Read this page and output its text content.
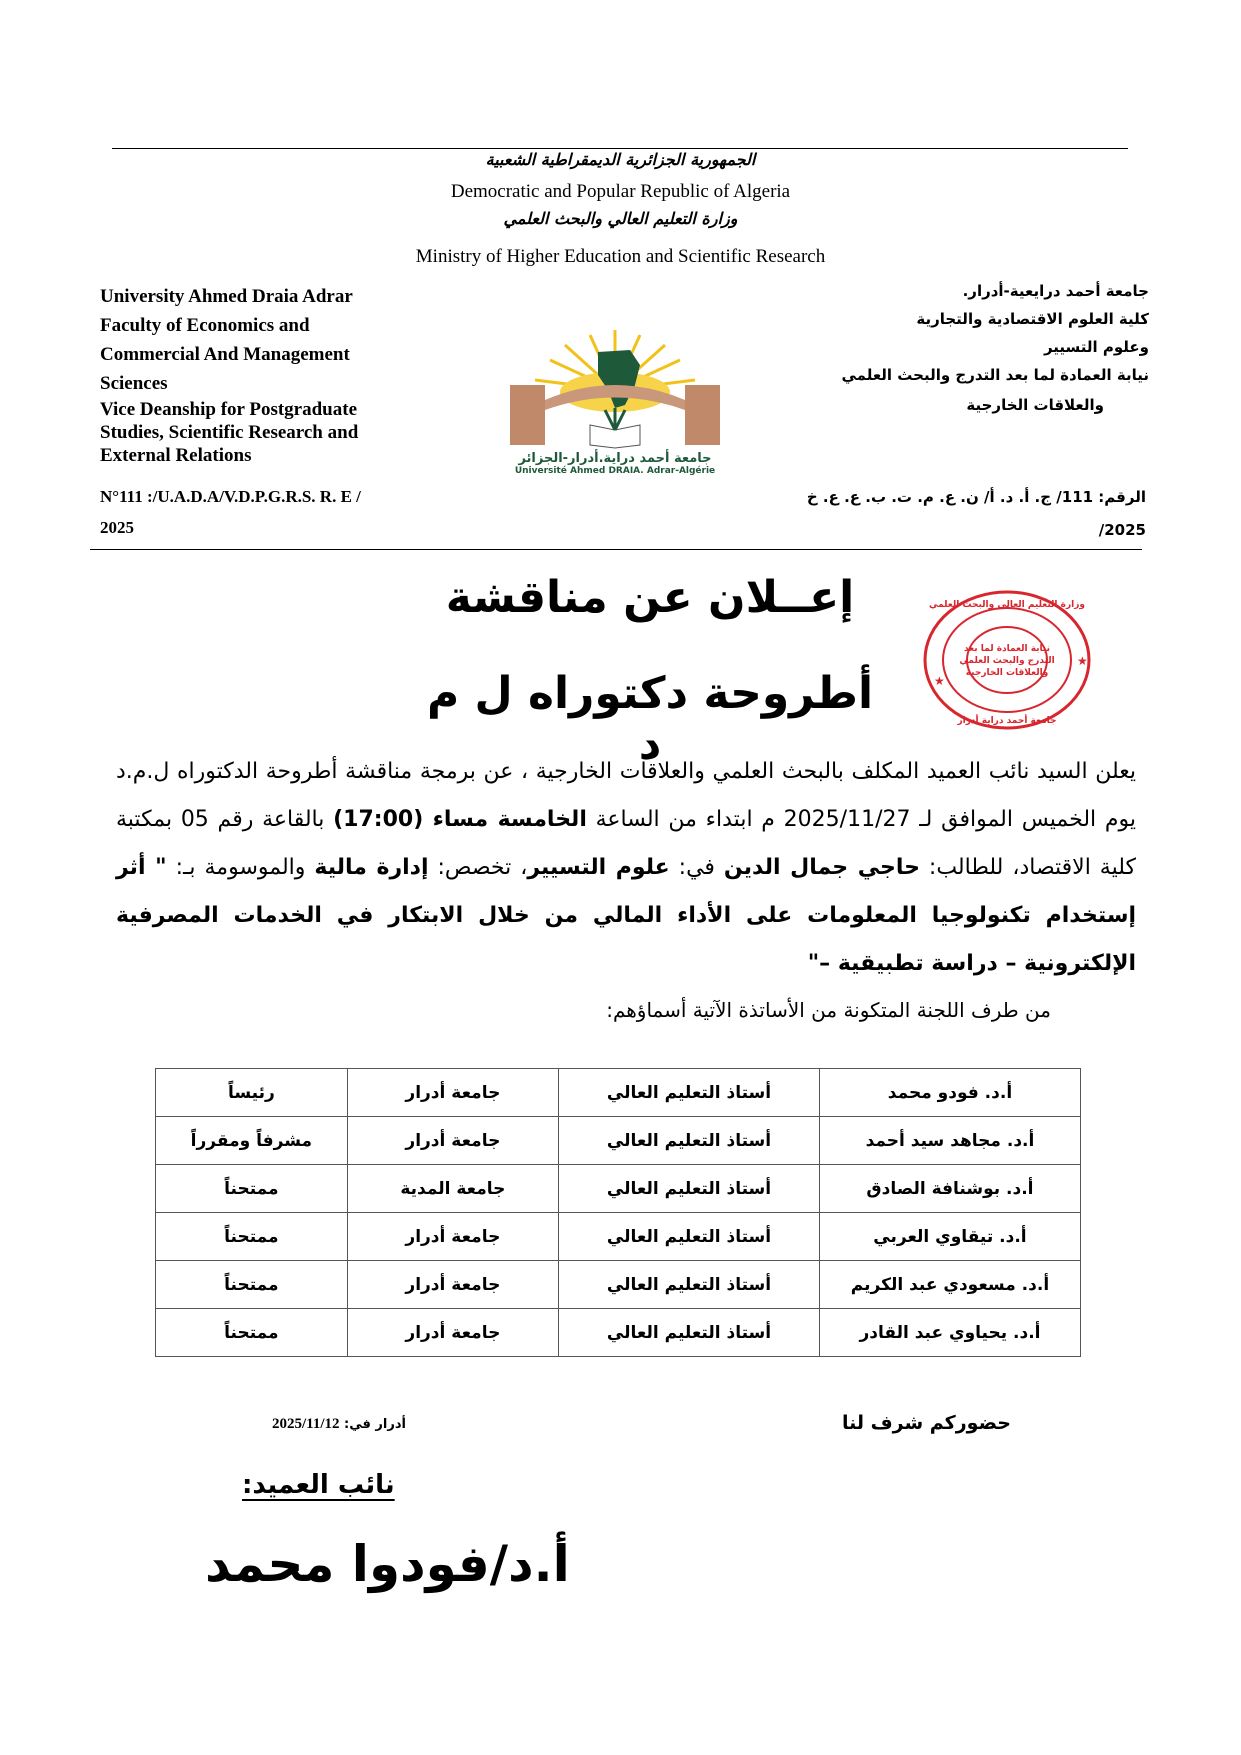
الجمهورية الجزائرية الديمقراطية الشعبية
Democratic and Popular Republic of Algeria
وزارة التعليم العالي والبحث العلمي
Ministry of Higher Education and Scientific Research
University Ahmed Draia Adrar
Faculty of Economics and
Commercial And Management
Sciences
Vice Deanship for Postgraduate
Studies, Scientific Research and
External Relations
N°111 :/U.A.D.A/V.D.P.G.R.S. R. E /
2025
جامعة أحمد درايعية-أدرار.
كلية العلوم الاقتصادية والتجارية
وعلوم التسيير
نيابة العمادة لما بعد التدرج والبحث العلمي
والعلاقات الخارجية
الرقم: 111/ ج. أ. د. أ/ ن. ع. م. ت. ب. ع. ع. خ
2025/
جامعة أحمد دراية.أدرار-الجزائر
Université Ahmed DRAIA. Adrar-Algérie
إعــلان عن مناقشة
أطروحة دكتوراه ل م د
نيابة العمادة لما بعد
التدرج والبحث العلمي
والعلاقات الخارجية
★
★
وزارة التعليم العالي والبحث العلمي
جامعة أحمد دراية أدرار
يعلن السيد نائب العميد المكلف بالبحث العلمي والعلاقات الخارجية ، عن برمجة مناقشة أطروحة الدكتوراه ل.م.د يوم الخميس الموافق لـ 2025/11/27 م ابتداء من الساعة الخامسة مساء (17:00) بالقاعة رقم 05 بمكتبة كلية الاقتصاد، للطالب: حاجي جمال الدين في: علوم التسيير، تخصص: إدارة مالية والموسومة بـ: " أثر إستخدام تكنولوجيا المعلومات على الأداء المالي من خلال الابتكار في الخدمات المصرفية الإلكترونية – دراسة تطبيقية –"
من طرف اللجنة المتكونة من الأساتذة الآتية أسماؤهم:
أ.د. فودو محمد	أستاذ التعليم العالي	جامعة أدرار	رئيساً
أ.د. مجاهد سيد أحمد	أستاذ التعليم العالي	جامعة أدرار	مشرفاً ومقرراً
أ.د. بوشنافة الصادق	أستاذ التعليم العالي	جامعة المدية	ممتحناً
أ.د. تيقاوي العربي	أستاذ التعليم العالي	جامعة أدرار	ممتحناً
أ.د. مسعودي عبد الكريم	أستاذ التعليم العالي	جامعة أدرار	ممتحناً
أ.د. يحياوي عبد القادر	أستاذ التعليم العالي	جامعة أدرار	ممتحناً
حضوركم شرف لنا
أدرار في: 2025/11/12
نائب العميد:
أ.د/فودوا محمد
